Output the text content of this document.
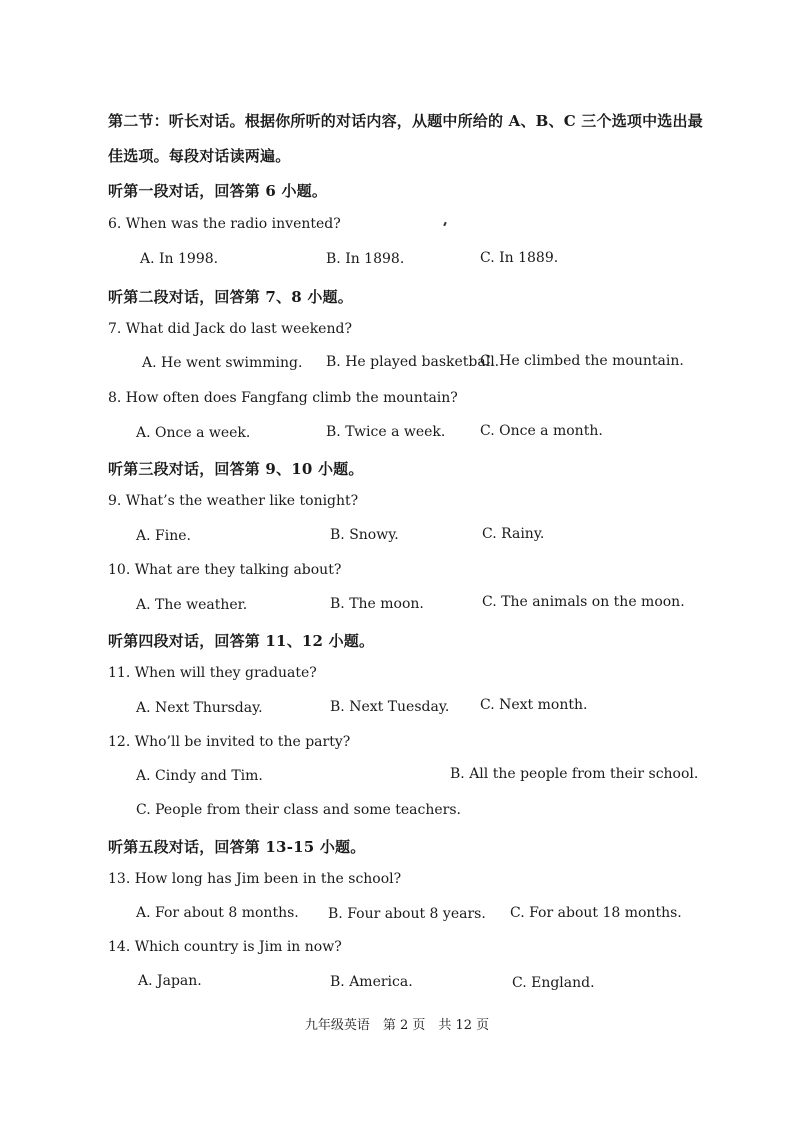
第二节：听长对话。根据你所听的对话内容，从题中所给的 A、B、C 三个选项中选出最
佳选项。每段对话读两遍。
听第一段对话，回答第 6 小题。
6. When was the radio invented?
A. In 1998.	B. In 1898.	C. In 1889.
听第二段对话，回答第 7、8 小题。
7. What did Jack do last weekend?
A. He went swimming. B. He played basketball.
C. He climbed the mountain.
8. How often does Fangfang climb the mountain?
A. Once a week.	B. Twice a week. C. Once a month.
听第三段对话，回答第 9、10 小题。
9. What’s the weather like tonight?
A. Fine.	B. Snowy.	C. Rainy.
10. What are they talking about?
A. The weather.	B. The moon.	C. The animals on the moon.
听第四段对话，回答第 11、12 小题。
11. When will they graduate?
A. Next Thursday.	B. Next Tuesday. C. Next month.
12. Who’ll be invited to the party?
A. Cindy and Tim.	B. All the people from their school.
C. People from their class and some teachers.
听第五段对话，回答第 13-15 小题。
13. How long has Jim been in the school?
A. For about 8 months. B. Four about 8 years. C. For about 18 months.
14. Which country is Jim in now?
A. Japan.	B. America.	C. England.
九年级英语　第 2 页　共 12 页
